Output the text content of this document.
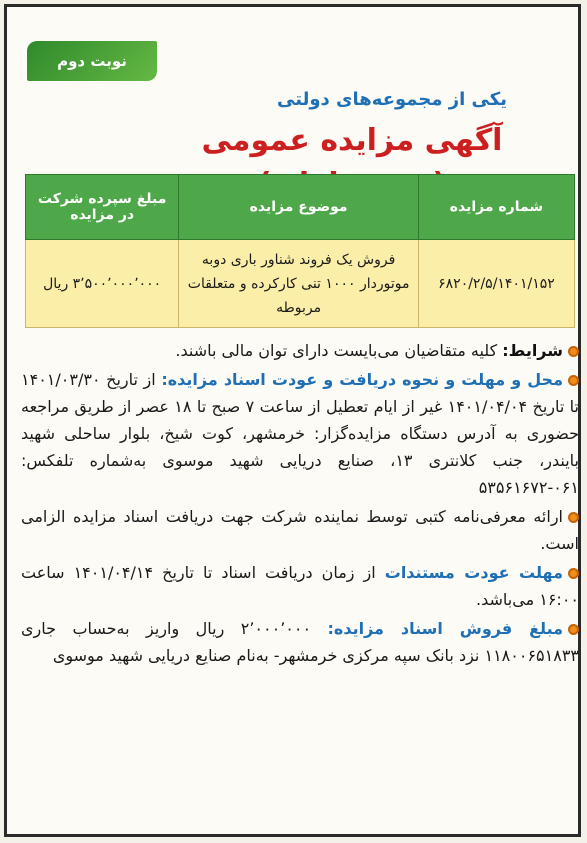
نوبت دوم
یکی از مجموعه‌های دولتی
آگهی مزایده عمومی
شماره مزایده	موضوع مزایده	مبلغ سپرده شرکت در مزایده
۶۸۲۰/۲/۵/۱۴۰۱/۱۵۲	فروش یک فروند شناور باری دوبه موتوردار ۱۰۰۰ تنی کارکرده و متعلقات مربوطه	۳٬۵۰۰٬۰۰۰٬۰۰۰ ریال

شرایط: کلیه متقاضیان می‌بایست دارای توان مالی باشند.

محل و مهلت و نحوه دریافت و عودت اسناد مزایده: از تاریخ ۱۴۰۱/۰۳/۳۰ تا تاریخ ۱۴۰۱/۰۴/۰۴ غیر از ایام تعطیل از ساعت ۷ صبح تا ۱۸ عصر از طریق مراجعه حضوری به آدرس دستگاه مزایده‌گزار: خرمشهر، کوت شیخ، بلوار ساحلی شهید بایندر، جنب کلانتری ۱۳، صنایع دریایی شهید موسوی به‌شماره تلفکس: ۰۶۱-۵۳۵۶۱۶۷۲

ارائه معرفی‌نامه کتبی توسط نماینده شرکت جهت دریافت اسناد مزایده الزامی است.

مهلت عودت مستندات از زمان دریافت اسناد تا تاریخ ۱۴۰۱/۰۴/۱۴ ساعت ۱۶:۰۰ می‌باشد.

مبلغ فروش اسناد مزایده: ۲٬۰۰۰٬۰۰۰ ریال واریز به‌حساب جاری ۱۱۸۰۰۶۵۱۸۳۳ نزد بانک سپه مرکزی خرمشهر- به‌نام صنایع دریایی شهید موسوی
